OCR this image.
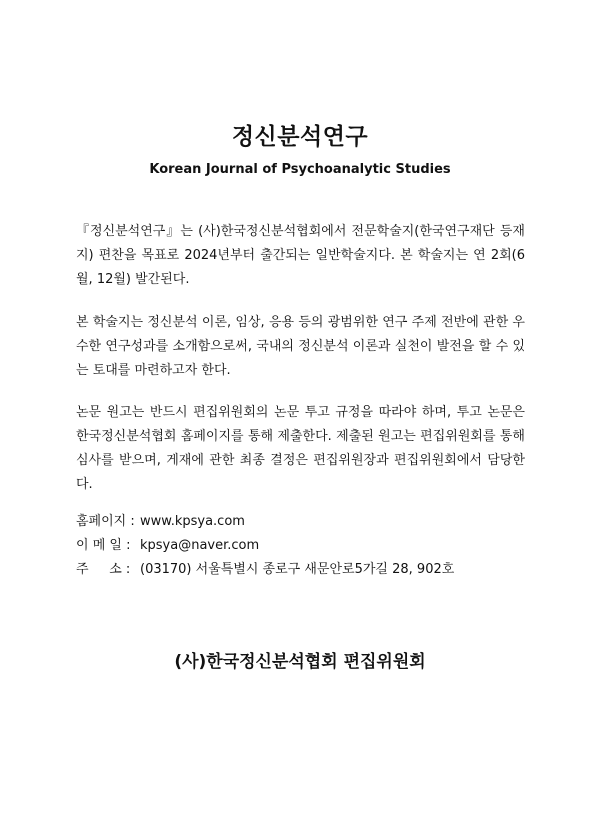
정신분석연구
Korean Journal of Psychoanalytic Studies
『정신분석연구』는 (사)한국정신분석협회에서 전문학술지(한국연구재단 등재지) 편찬을 목표로 2024년부터 출간되는 일반학술지다. 본 학술지는 연 2회(6월, 12월) 발간된다.
본 학술지는 정신분석 이론, 임상, 응용 등의 광범위한 연구 주제 전반에 관한 우수한 연구성과를 소개함으로써, 국내의 정신분석 이론과 실천이 발전을 할 수 있는 토대를 마련하고자 한다.
논문 원고는 반드시 편집위원회의 논문 투고 규정을 따라야 하며, 투고 논문은 한국정신분석협회 홈페이지를 통해 제출한다. 제출된 원고는 편집위원회를 통해 심사를 받으며, 게재에 관한 최종 결정은 편집위원장과 편집위원회에서 담당한다.
홈페이지 : www.kpsya.com
이 메 일 : kpsya@naver.com
주     소 : (03170) 서울특별시 종로구 새문안로5가길 28, 902호
(사)한국정신분석협회 편집위원회
